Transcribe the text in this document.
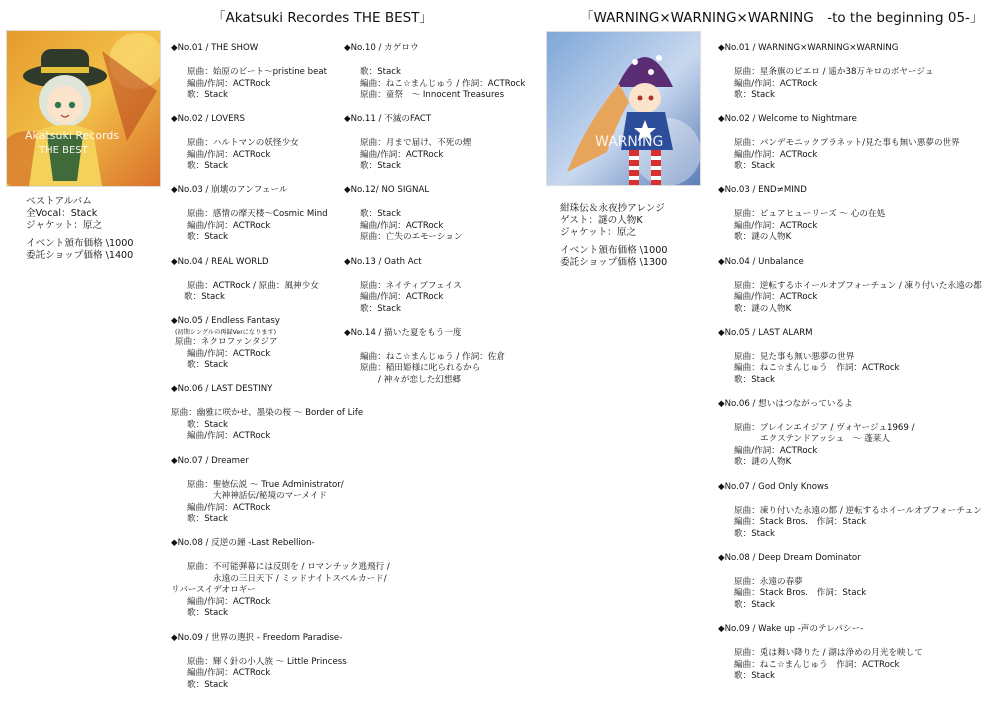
「Akatsuki Recordes THE BEST」
Akatsuki Records
THE BEST
ベストアルバム
全Vocal：Stack
ジャケット：原之
イベント頒布価格 \1000
委託ショップ価格 \1400
◆No.01 / THE SHOW
原曲：始原のビート～pristine beat
編曲/作詞：ACTRock
歌：Stack
◆No.02 / LOVERS
原曲：ハルトマンの妖怪少女
編曲/作詞：ACTRock
歌：Stack
◆No.03 / 崩壊のアンフェール
原曲：感情の摩天楼～Cosmic Mind
編曲/作詞：ACTRock
歌：Stack
◆No.04 / REAL WORLD
原曲：ACTRock / 原曲：風神少女
歌：Stack
◆No.05 / Endless Fantasy
(初期シングルの再録Verになります)
原曲：ネクロファンタジア
編曲/作詞：ACTRock
歌：Stack
◆No.06 / LAST DESTINY
原曲：幽雅に咲かせ、墨染の桜 ～ Border of Life
歌：Stack
編曲/作詞：ACTRock
◆No.07 / Dreamer
原曲：聖徳伝説 ～ True Administrator/
大神神話伝/秘境のマーメイド
編曲/作詞：ACTRock
歌：Stack
◆No.08 / 反逆の鐘 -Last Rebellion-
原曲：不可能弾幕には反則を / ロマンチック逃飛行 /
永遠の三日天下 / ミッドナイトスペルカード/
リバースイデオロギー
編曲/作詞：ACTRock
歌：Stack
◆No.09 / 世界の選択 - Freedom Paradise-
原曲：輝く針の小人族 ～ Little Princess
編曲/作詞：ACTRock
歌：Stack
◆No.10 / カゲロウ
歌：Stack
編曲：ねこ☆まんじゅう / 作詞：ACTRock
原曲：童祭　～ Innocent Treasures
◆No.11 / 不滅のFACT
原曲：月まで届け、不死の煙
編曲/作詞：ACTRock
歌：Stack
◆No.12/ NO SIGNAL
歌：Stack
編曲/作詞：ACTRock
原曲：亡失のエモーション
◆No.13 / Oath Act
原曲：ネイティブフェイス
編曲/作詞：ACTRock
歌：Stack
◆No.14 / 描いた夏をもう一度
編曲：ねこ☆まんじゅう / 作詞：佐倉
原曲：稲田姫様に叱られるから
/ 神々が恋した幻想郷
「WARNING×WARNING×WARNING　-to the beginning 05-」
WARNING
紺珠伝＆永夜抄アレンジ
ゲスト：謎の人物K
ジャケット：原之
イベント頒布価格 \1000
委託ショップ価格 \1300
◆No.01 / WARNING×WARNING×WARNING
原曲：星条旗のピエロ / 遥か38万キロのボヤージュ
編曲/作詞：ACTRock
歌：Stack
◆No.02 / Welcome to Nightmare
原曲：パンデモニックプラネット/見た事も無い悪夢の世界
編曲/作詞：ACTRock
歌：Stack
◆No.03 / END≠MIND
原曲：ピュアヒューリーズ ～ 心の在処
編曲/作詞：ACTRock
歌：謎の人物K
◆No.04 / Unbalance
原曲：逆転するホイールオブフォーチュン / 凍り付いた永遠の都
編曲/作詞：ACTRock
歌：謎の人物K
◆No.05 / LAST ALARM
原曲：見た事も無い悪夢の世界
編曲：ねこ☆まんじゅう　作詞：ACTRock
歌：Stack
◆No.06 / 想いはつながっているよ
原曲：ブレインエイジア / ヴォヤージュ1969 /
エクステンドアッシュ　～ 蓬莱人
編曲/作詞：ACTRock
歌：謎の人物K
◆No.07 / God Only Knows
原曲：凍り付いた永遠の都 / 逆転するホイールオブフォーチュン
編曲：Stack Bros.　作詞：Stack
歌：Stack
◆No.08 / Deep Dream Dominator
原曲：永遠の春夢
編曲：Stack Bros.　作詞：Stack
歌：Stack
◆No.09 / Wake up -声のテレパシー-
原曲：兎は舞い降りた / 湖は浄めの月光を映して
編曲：ねこ☆まんじゅう　作詞：ACTRock
歌：Stack
